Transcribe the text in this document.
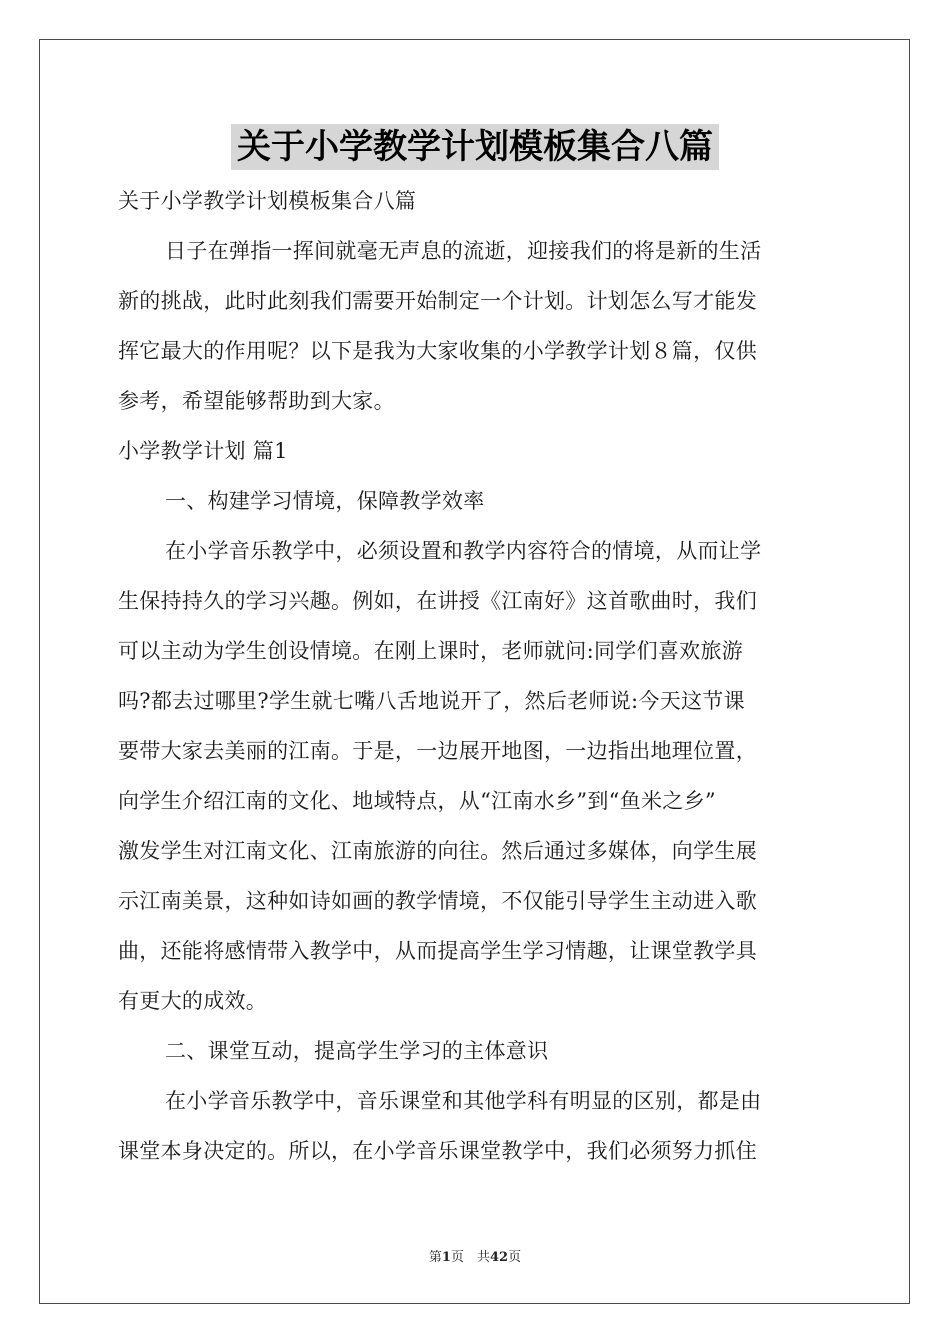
关于小学教学计划模板集合八篇
关于小学教学计划模板集合八篇
日子在弹指一挥间就毫无声息的流逝，迎接我们的将是新的生活
新的挑战，此时此刻我们需要开始制定一个计划。计划怎么写才能发
挥它最大的作用呢？以下是我为大家收集的小学教学计划８篇，仅供
参考，希望能够帮助到大家。
小学教学计划 篇1
一、构建学习情境，保障教学效率
在小学音乐教学中，必须设置和教学内容符合的情境，从而让学
生保持持久的学习兴趣。例如，在讲授《江南好》这首歌曲时，我们
可以主动为学生创设情境。在刚上课时，老师就问:同学们喜欢旅游
吗?都去过哪里?学生就七嘴八舌地说开了，然后老师说:今天这节课
要带大家去美丽的江南。于是，一边展开地图，一边指出地理位置，
向学生介绍江南的文化、地域特点，从“江南水乡”到“鱼米之乡”
激发学生对江南文化、江南旅游的向往。然后通过多媒体，向学生展
示江南美景，这种如诗如画的教学情境，不仅能引导学生主动进入歌
曲，还能将感情带入教学中，从而提高学生学习情趣，让课堂教学具
有更大的成效。
二、课堂互动，提高学生学习的主体意识
在小学音乐教学中，音乐课堂和其他学科有明显的区别，都是由
课堂本身决定的。所以，在小学音乐课堂教学中，我们必须努力抓住
第1页　共42页
